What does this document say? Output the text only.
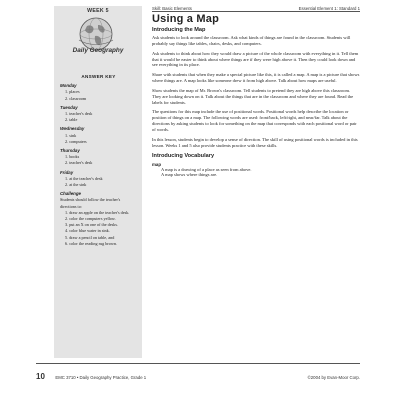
WEEK 5
Daily Geography
ANSWER KEY
Monday
1. places
2. classroom
Tuesday
1. teacher's desk
2. table
Wednesday
1. sink
2. computers
Thursday
1. books
2. teacher's desk
Friday
1. at the teacher's desk
2. at the sink
Challenge
Students should follow the teacher's directions to:
1. draw an apple on the teacher's desk.
2. color the computers yellow.
3. put an X on one of the desks.
4. color blue water in sink.
5. draw a pencil on table, and
6. color the reading rug brown.
Skill: Basic Elements	Essential Element 1: Standard 1
Using a Map
Introducing the Map

Ask students to look around the classroom. Ask what kinds of things are found in the classroom. Students will probably say things like tables, chairs, desks, and computers.

Ask students to think about how they would draw a picture of the whole classroom with everything in it. Tell them that it would be easier to think about where things are if they were high above it. Then they could look down and see everything in its place.

Share with students that when they make a special picture like this, it is called a map. A map is a picture that shows where things are. A map looks like someone drew it from high above. Talk about how maps are useful.

Show students the map of Mr. Brown's classroom. Tell students to pretend they are high above this classroom. They are looking down on it. Talk about the things that are in the classroom and where they are found. Read the labels for students.

The questions for this map include the use of positional words. Positional words help describe the location or position of things on a map. The following words are used: front/back, left/right, and near/far. Talk about the directions by asking students to look for something on the map that corresponds with each positional word or pair of words.

In this lesson, students begin to develop a sense of direction. The skill of using positional words is included in this lesson. Weeks 1 and 5 also provide students practice with these skills.

Introducing Vocabulary
map
A map is a drawing of a place as seen from above.
A map shows where things are.
10 EMC 3710 • Daily Geography Practice, Grade 1	©2004 by Evan-Moor Corp.
